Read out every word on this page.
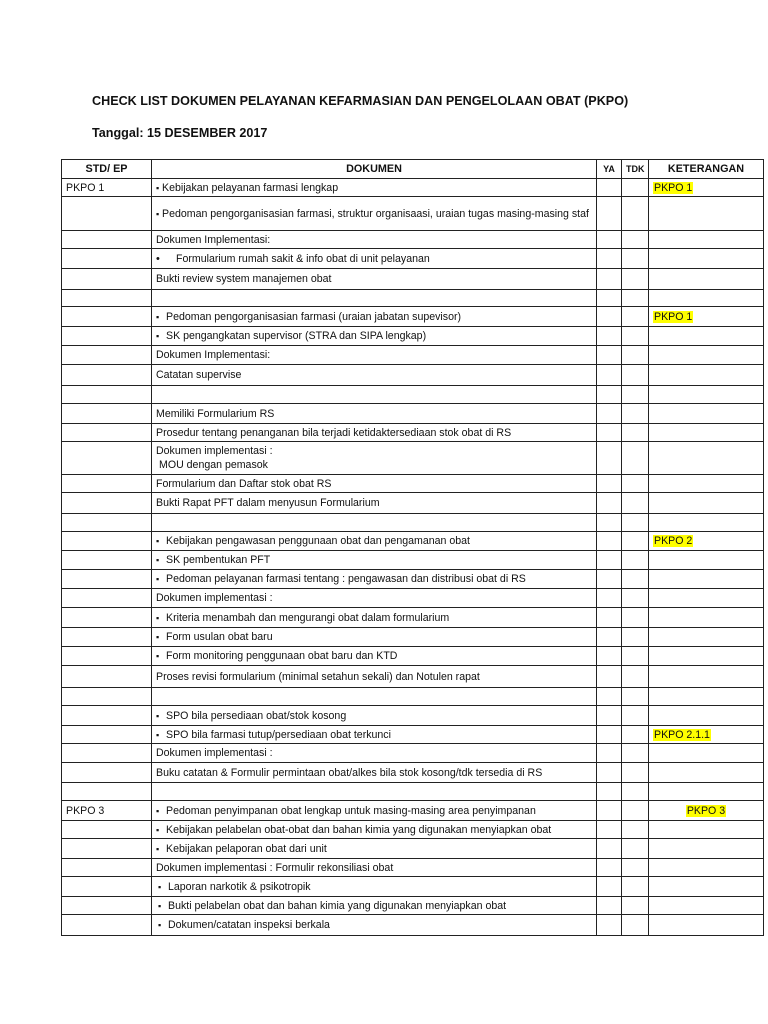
CHECK LIST DOKUMEN PELAYANAN KEFARMASIAN DAN PENGELOLAAN OBAT (PKPO)
Tanggal: 15 DESEMBER 2017
STD/ EP	DOKUMEN	YA	TDK	KETERANGAN
PKPO 1	▪ Kebijakan pelayanan farmasi lengkap			PKPO 1
	▪ Pedoman pengorganisasian farmasi, struktur organisaasi, uraian tugas masing-masing staf			
	Dokumen Implementasi:			
	• Formularium rumah sakit & info obat di unit pelayanan			
	Bukti review system manajemen obat			

	▪ Pedoman pengorganisasian farmasi (uraian jabatan supevisor)			PKPO 1
	▪ SK pengangkatan supervisor (STRA dan SIPA lengkap)			
	Dokumen Implementasi:			
	Catatan supervise			

	Memiliki Formularium RS			
	Prosedur tentang penanganan bila terjadi ketidaktersediaan stok obat di RS			
	Dokumen implementasi :
MOU dengan pemasok			
	Formularium dan Daftar stok obat RS			
	Bukti Rapat PFT dalam menyusun Formularium			

	▪ Kebijakan pengawasan penggunaan obat dan pengamanan obat			PKPO 2
	▪ SK pembentukan PFT			
	▪ Pedoman pelayanan farmasi tentang : pengawasan dan distribusi obat di RS			
	Dokumen implementasi :			
	▪ Kriteria menambah dan mengurangi obat dalam formularium			
	▪ Form usulan obat baru			
	▪ Form monitoring penggunaan obat baru dan KTD			
	Proses revisi formularium (minimal setahun sekali) dan Notulen rapat			

	▪ SPO bila persediaan obat/stok kosong			
	▪ SPO bila farmasi tutup/persediaan obat terkunci			PKPO 2.1.1
	Dokumen implementasi :			
	Buku catatan & Formulir permintaan obat/alkes bila stok kosong/tdk tersedia di RS			

PKPO 3	▪ Pedoman penyimpanan obat lengkap untuk masing-masing area penyimpanan			PKPO 3
	▪ Kebijakan pelabelan obat-obat dan bahan kimia yang digunakan menyiapkan obat			
	▪ Kebijakan pelaporan obat dari unit			
	Dokumen implementasi : Formulir rekonsiliasi obat			
	▪ Laporan narkotik & psikotropik			
	▪ Bukti pelabelan obat dan bahan kimia yang digunakan menyiapkan obat			
	▪ Dokumen/catatan inspeksi berkala			
